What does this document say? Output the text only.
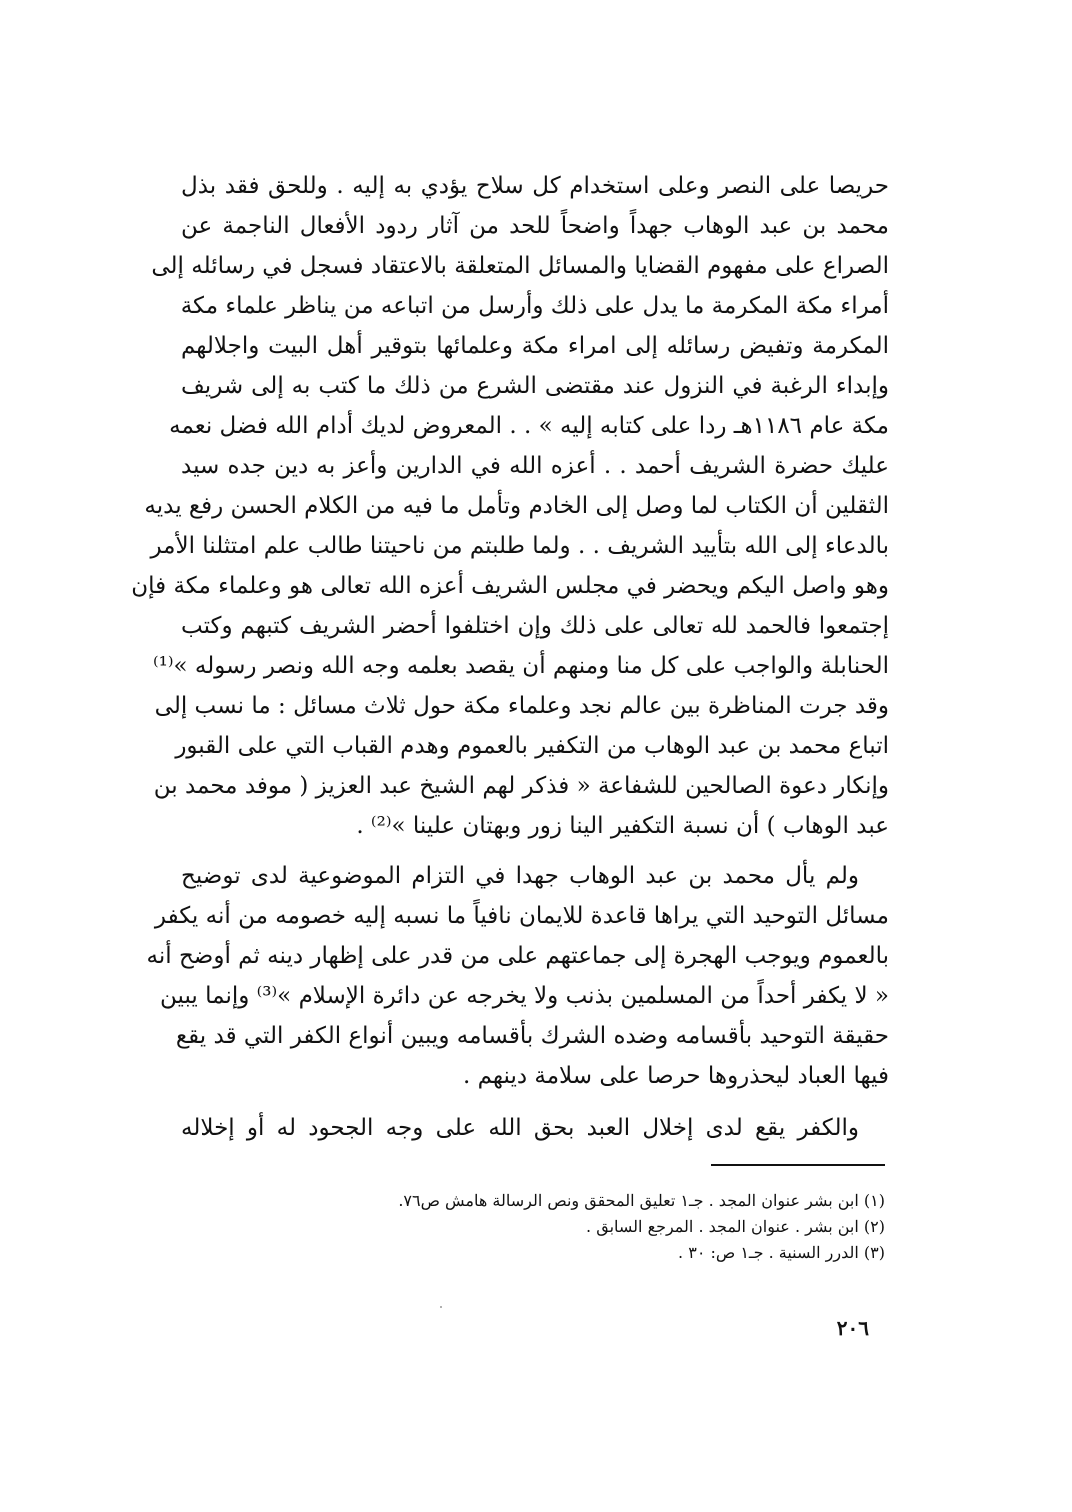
حريصا على النصر وعلى استخدام كل سلاح يؤدي به إليه . وللحق فقد بذل
محمد بن عبد الوهاب جهداً واضحاً للحد من آثار ردود الأفعال الناجمة عن
الصراع على مفهوم القضايا والمسائل المتعلقة بالاعتقاد فسجل في رسائله إلى
أمراء مكة المكرمة ما يدل على ذلك وأرسل من اتباعه من يناظر علماء مكة
المكرمة وتفيض رسائله إلى امراء مكة وعلمائها بتوقير أهل البيت واجلالهم
وإبداء الرغبة في النزول عند مقتضى الشرع من ذلك ما كتب به إلى شريف
مكة عام ١١٨٦هـ ردا على كتابه إليه » . . المعروض لديك أدام الله فضل نعمه
عليك حضرة الشريف أحمد . . أعزه الله في الدارين وأعز به دين جده سيد
الثقلين أن الكتاب لما وصل إلى الخادم وتأمل ما فيه من الكلام الحسن رفع يديه
بالدعاء إلى الله بتأييد الشريف . . ولما طلبتم من ناحيتنا طالب علم امتثلنا الأمر
وهو واصل اليكم ويحضر في مجلس الشريف أعزه الله تعالى هو وعلماء مكة فإن
إجتمعوا فالحمد لله تعالى على ذلك وإن اختلفوا أحضر الشريف كتبهم وكتب
الحنابلة والواجب على كل منا ومنهم أن يقصد بعلمه وجه الله ونصر رسوله »⁽¹⁾
وقد جرت المناظرة بين عالم نجد وعلماء مكة حول ثلاث مسائل : ما نسب إلى
اتباع محمد بن عبد الوهاب من التكفير بالعموم وهدم القباب التي على القبور
وإنكار دعوة الصالحين للشفاعة « فذكر لهم الشيخ عبد العزيز ( موفد محمد بن
عبد الوهاب ) أن نسبة التكفير الينا زور وبهتان علينا »⁽²⁾ .
ولم يأل محمد بن عبد الوهاب جهدا في التزام الموضوعية لدى توضيح
مسائل التوحيد التي يراها قاعدة للايمان نافياً ما نسبه إليه خصومه من أنه يكفر
بالعموم ويوجب الهجرة إلى جماعتهم على من قدر على إظهار دينه ثم أوضح أنه
« لا يكفر أحداً من المسلمين بذنب ولا يخرجه عن دائرة الإسلام »⁽³⁾ وإنما يبين
حقيقة التوحيد بأقسامه وضده الشرك بأقسامه ويبين أنواع الكفر التي قد يقع
فيها العباد ليحذروها حرصا على سلامة دينهم .
والكفر يقع لدى إخلال العبد بحق الله على وجه الجحود له أو إخلاله
(١) ابن بشر عنوان المجد . جـ١ تعليق المحقق ونص الرسالة هامش ص٧٦.
(٢) ابن بشر . عنوان المجد . المرجع السابق .
(٣) الدرر السنية . جـ١ ص: ٣٠ .
٢٠٦
